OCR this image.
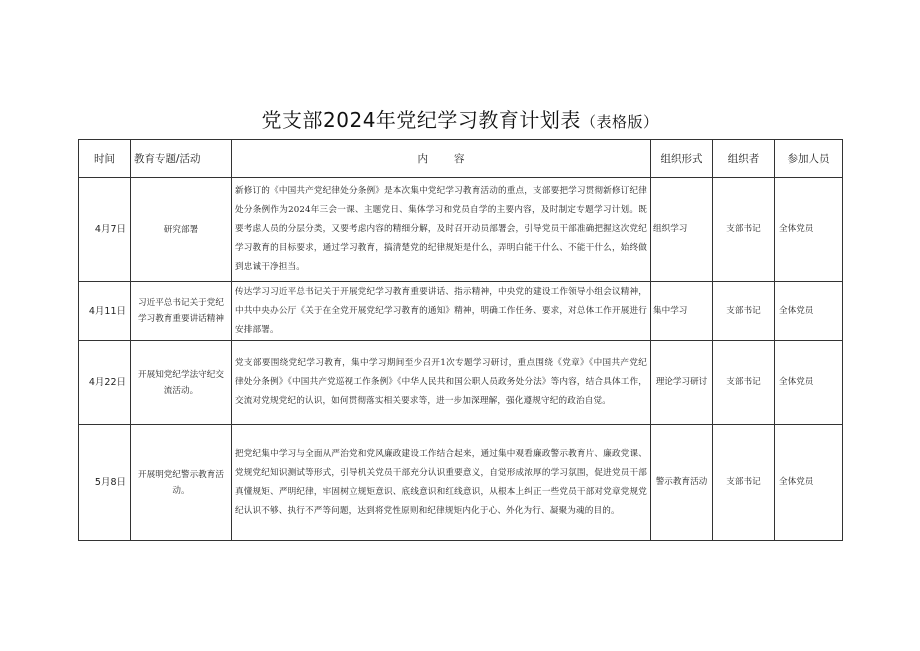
党支部2024年党纪学习教育计划表（表格版）
时间	教育专题/活动	内容	组织形式	组织者	参加人员
4月7日	研究部署	新修订的《中国共产党纪律处分条例》是本次集中党纪学习教育活动的重点，支部要把学习贯彻新修订纪律处分条例作为2024年三会一课、主题党日、集体学习和党员自学的主要内容，及时制定专题学习计划。既要考虑人员的分层分类，又要考虑内容的精细分解，及时召开动员部署会，引导党员干部准确把握这次党纪学习教育的目标要求，通过学习教育，搞清楚党的纪律规矩是什么，弄明白能干什么、不能干什么，始终做到忠诚干净担当。	组织学习	支部书记	全体党员
4月11日	习近平总书记关于党纪学习教育重要讲话精神	传达学习习近平总书记关于开展党纪学习教育重要讲话、指示精神，中央党的建设工作领导小组会议精神，中共中央办公厅《关于在全党开展党纪学习教育的通知》精神，明确工作任务、要求，对总体工作开展进行安排部署。	集中学习	支部书记	全体党员
4月22日	开展知党纪学法守纪交流活动。	党支部要围绕党纪学习教育，集中学习期间至少召开1次专题学习研讨，重点围绕《党章》《中国共产党纪律处分条例》《中国共产党巡视工作条例》《中华人民共和国公职人员政务处分法》等内容，结合具体工作，交流对党规党纪的认识，如何贯彻落实相关要求等，进一步加深理解，强化遵规守纪的政治自觉。	理论学习研讨	支部书记	全体党员
5月8日	开展明党纪警示教育活动。	把党纪集中学习与全面从严治党和党风廉政建设工作结合起来，通过集中观看廉政警示教育片、廉政党课、党规党纪知识测试等形式，引导机关党员干部充分认识重要意义，自觉形成浓厚的学习氛围，促进党员干部真懂规矩、严明纪律，牢固树立规矩意识、底线意识和红线意识，从根本上纠正一些党员干部对党章党规党纪认识不够、执行不严等问题，达到将党性原则和纪律规矩内化于心、外化为行、凝聚为魂的目的。	警示教育活动	支部书记	全体党员
